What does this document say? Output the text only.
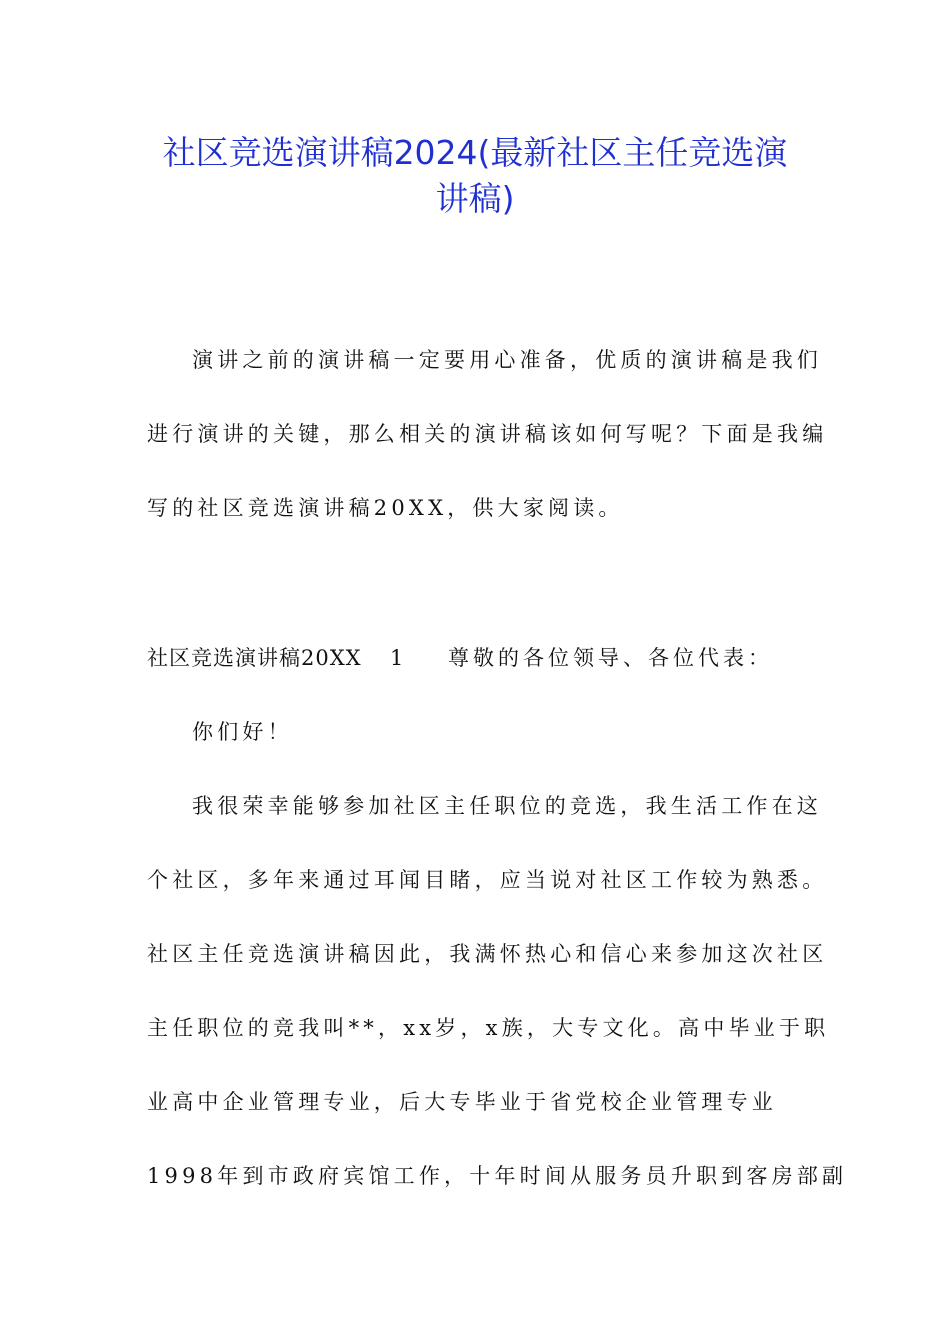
社区竞选演讲稿2024(最新社区主任竞选演
讲稿)

演讲之前的演讲稿一定要用心准备，优质的演讲稿是我们

进行演讲的关键，那么相关的演讲稿该如何写呢？下面是我编

写的社区竞选演讲稿20XX，供大家阅读。

社区竞选演讲稿20XX 1 尊敬的各位领导、各位代表：

你们好！

我很荣幸能够参加社区主任职位的竞选，我生活工作在这

个社区，多年来通过耳闻目睹，应当说对社区工作较为熟悉。

社区主任竞选演讲稿因此，我满怀热心和信心来参加这次社区

主任职位的竞我叫**，xx岁，x族，大专文化。高中毕业于职

业高中企业管理专业，后大专毕业于省党校企业管理专业

1998年到市政府宾馆工作，十年时间从服务员升职到客房部副
